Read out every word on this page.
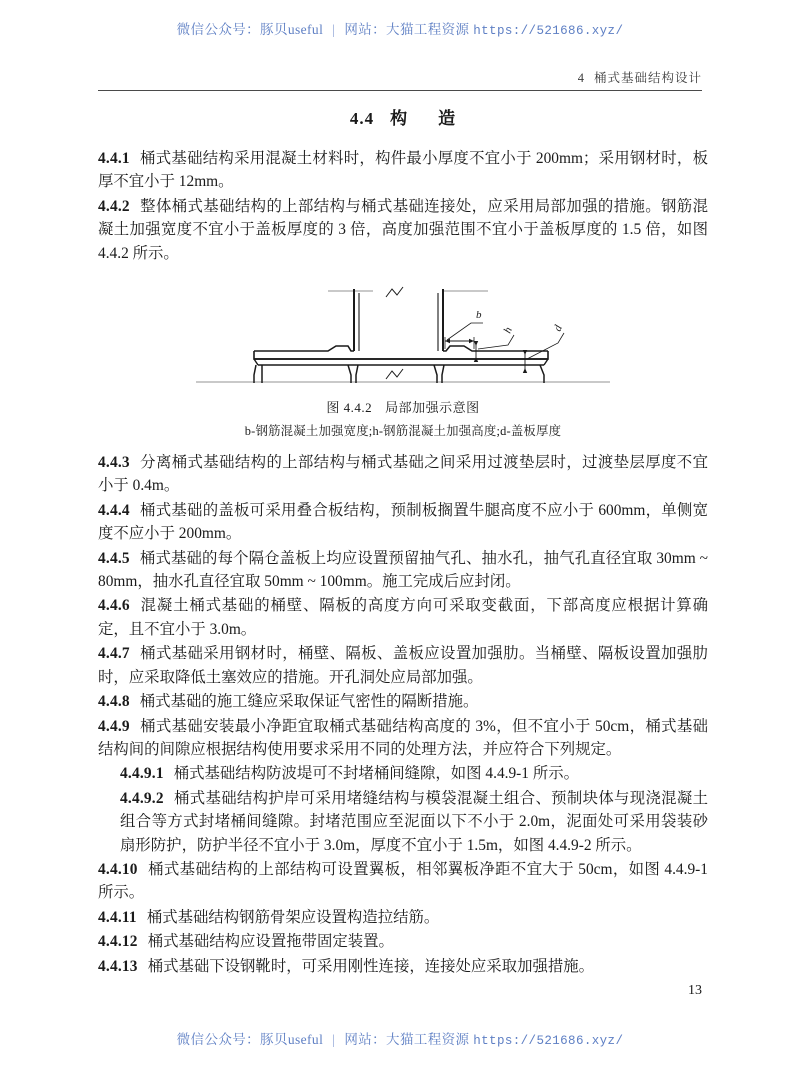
微信公众号：豚贝useful | 网站：大猫工程资源 https://521686.xyz/
4 桶式基础结构设计
4.4 构 造

4.4.1 桶式基础结构采用混凝土材料时，构件最小厚度不宜小于 200mm；采用钢材时，板厚不宜小于 12mm。

4.4.2 整体桶式基础结构的上部结构与桶式基础连接处，应采用局部加强的措施。钢筋混凝土加强宽度不宜小于盖板厚度的 3 倍，高度加强范围不宜小于盖板厚度的 1.5 倍，如图 4.4.2 所示。

b
h	d
图 4.4.2 局部加强示意图
b-钢筋混凝土加强宽度;h-钢筋混凝土加强高度;d-盖板厚度

4.4.3 分离桶式基础结构的上部结构与桶式基础之间采用过渡垫层时，过渡垫层厚度不宜小于 0.4m。

4.4.4 桶式基础的盖板可采用叠合板结构，预制板搁置牛腿高度不应小于 600mm，单侧宽度不应小于 200mm。

4.4.5 桶式基础的每个隔仓盖板上均应设置预留抽气孔、抽水孔，抽气孔直径宜取 30mm ~ 80mm，抽水孔直径宜取 50mm ~ 100mm。施工完成后应封闭。

4.4.6 混凝土桶式基础的桶壁、隔板的高度方向可采取变截面，下部高度应根据计算确定，且不宜小于 3.0m。

4.4.7 桶式基础采用钢材时，桶壁、隔板、盖板应设置加强肋。当桶壁、隔板设置加强肋时，应采取降低土塞效应的措施。开孔洞处应局部加强。

4.4.8 桶式基础的施工缝应采取保证气密性的隔断措施。

4.4.9 桶式基础安装最小净距宜取桶式基础结构高度的 3%，但不宜小于 50cm，桶式基础结构间的间隙应根据结构使用要求采用不同的处理方法，并应符合下列规定。

4.4.9.1 桶式基础结构防波堤可不封堵桶间缝隙，如图 4.4.9-1 所示。

4.4.9.2 桶式基础结构护岸可采用堵缝结构与模袋混凝土组合、预制块体与现浇混凝土组合等方式封堵桶间缝隙。封堵范围应至泥面以下不小于 2.0m，泥面处可采用袋装砂扇形防护，防护半径不宜小于 3.0m，厚度不宜小于 1.5m，如图 4.4.9-2 所示。

4.4.10 桶式基础结构的上部结构可设置翼板，相邻翼板净距不宜大于 50cm，如图 4.4.9-1 所示。

4.4.11 桶式基础结构钢筋骨架应设置构造拉结筋。

4.4.12 桶式基础结构应设置拖带固定装置。

4.4.13 桶式基础下设钢靴时，可采用刚性连接，连接处应采取加强措施。

13
微信公众号：豚贝useful | 网站：大猫工程资源 https://521686.xyz/
